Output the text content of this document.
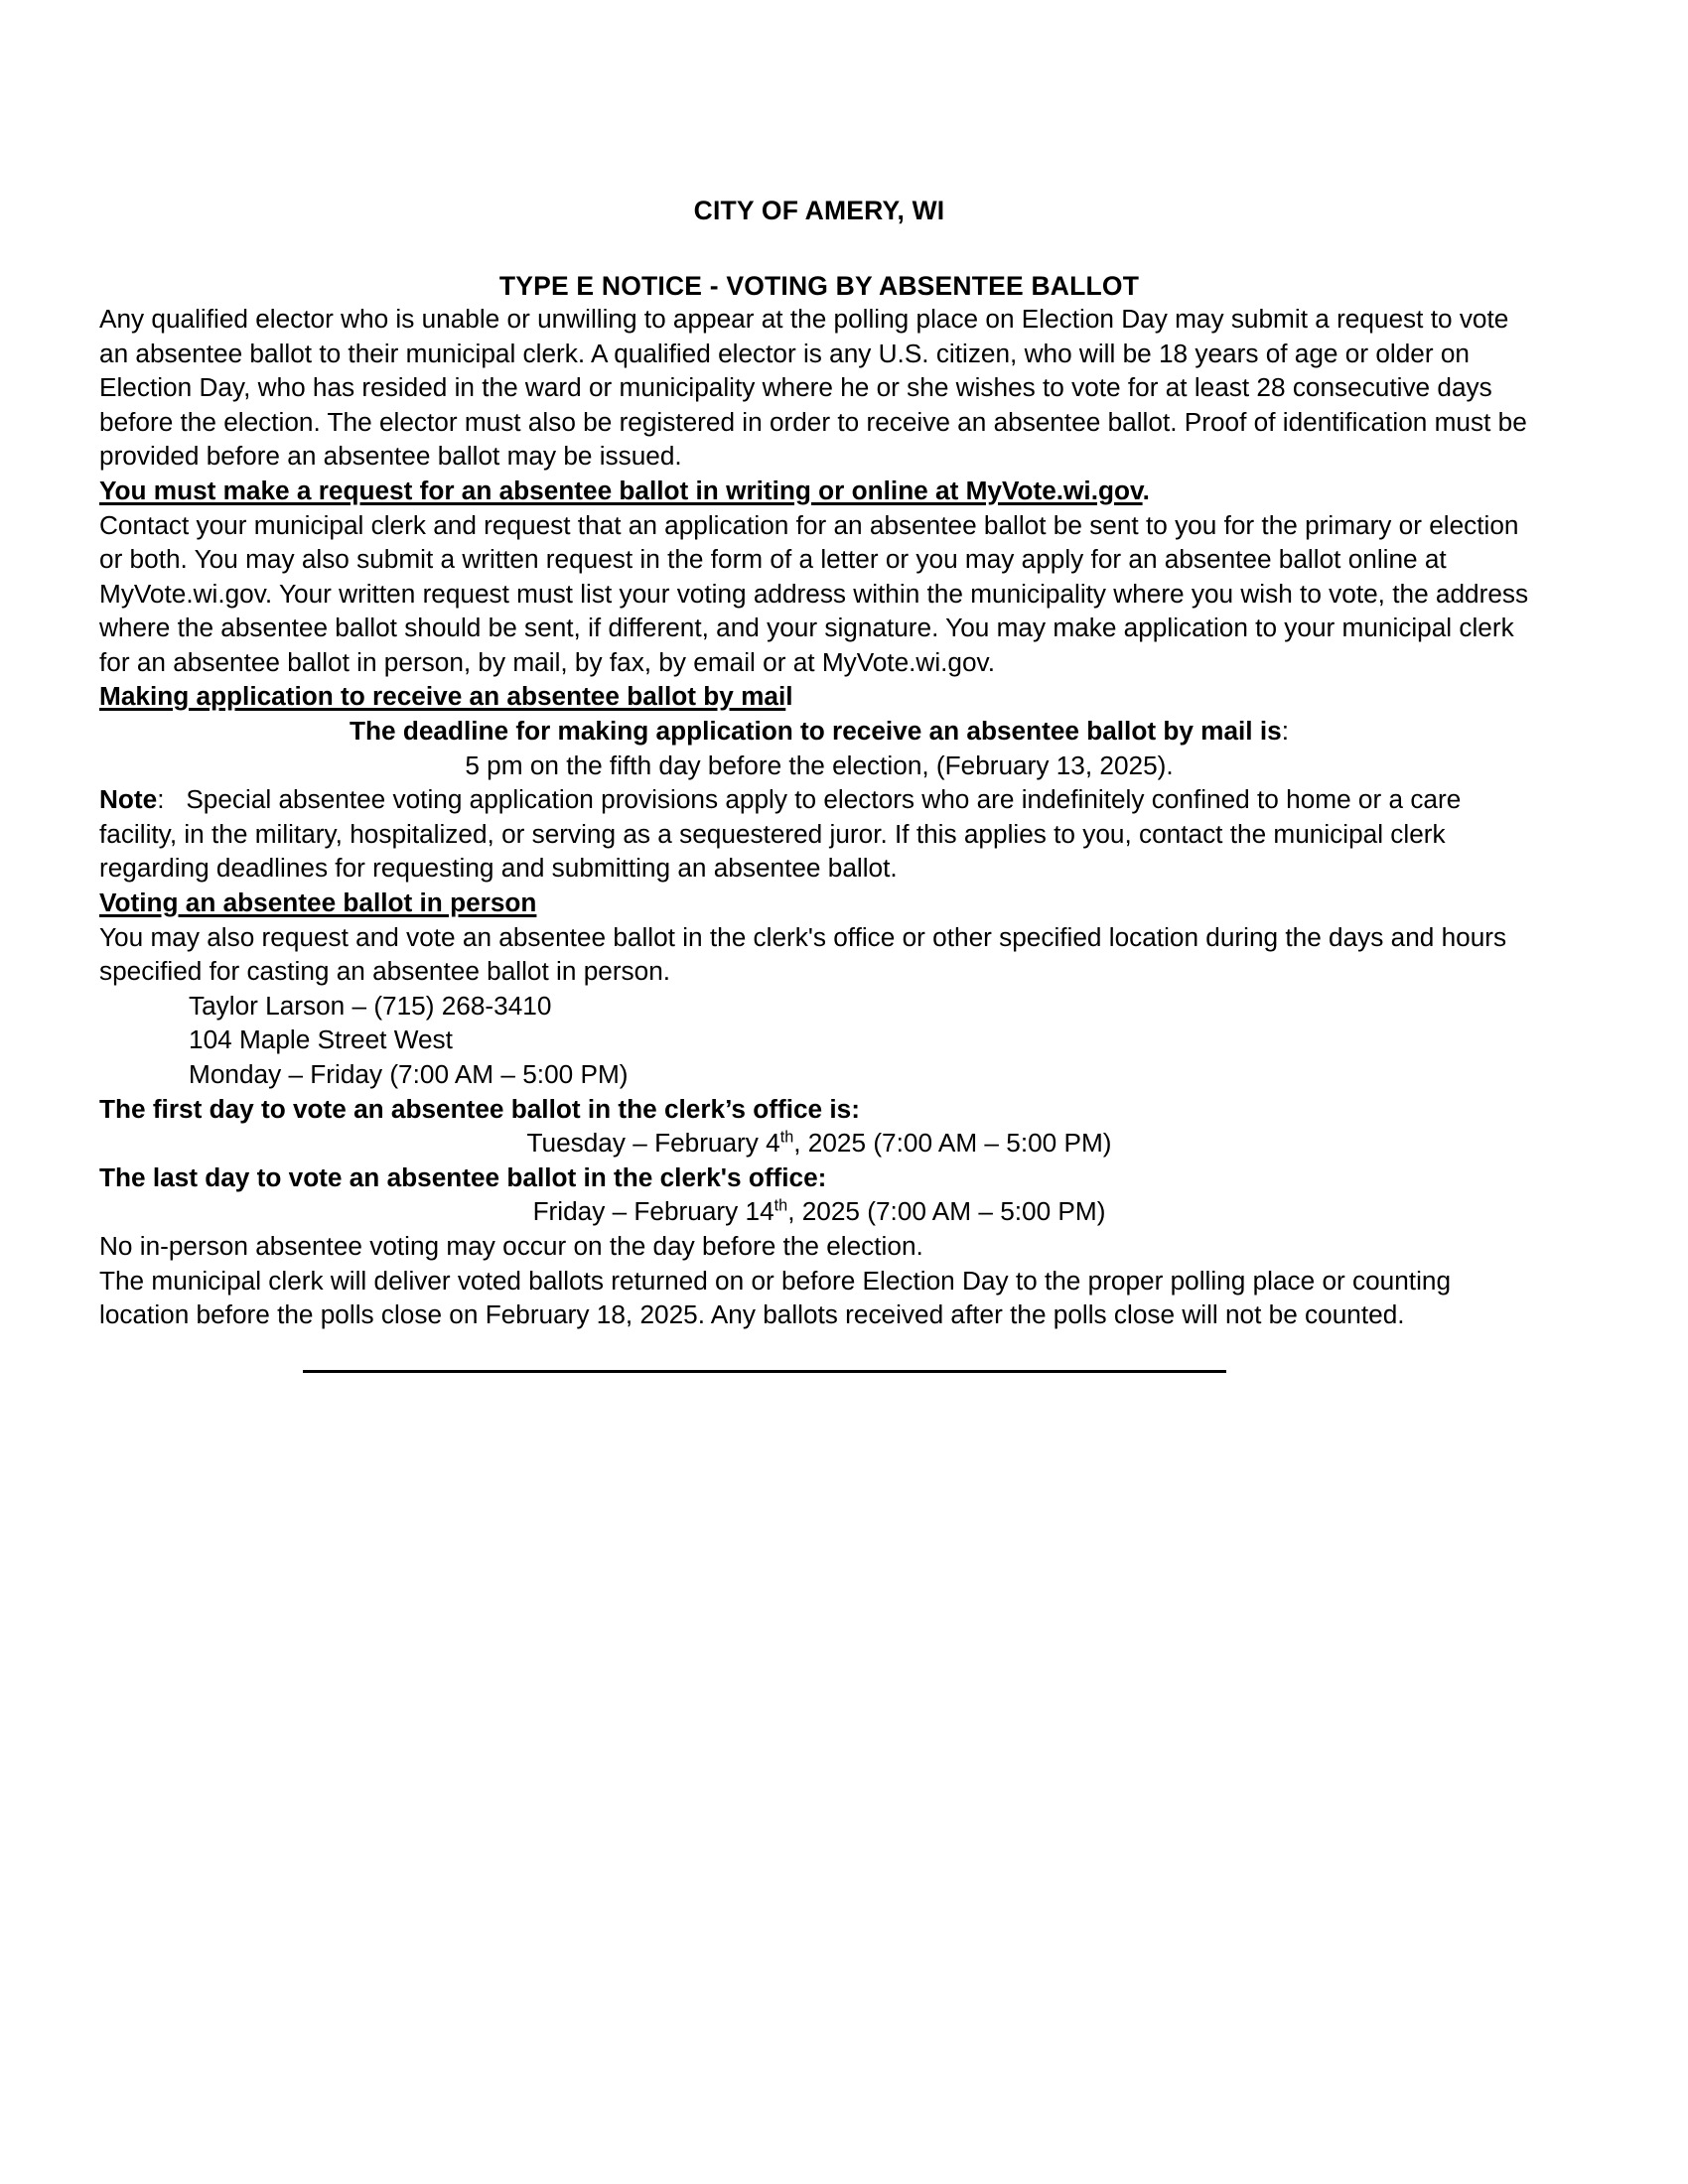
CITY OF AMERY, WI
TYPE E NOTICE - VOTING BY ABSENTEE BALLOT

Any qualified elector who is unable or unwilling to appear at the polling place on Election Day may submit a request to vote an absentee ballot to their municipal clerk. A qualified elector is any U.S. citizen, who will be 18 years of age or older on Election Day, who has resided in the ward or municipality where he or she wishes to vote for at least 28 consecutive days before the election. The elector must also be registered in order to receive an absentee ballot. Proof of identification must be provided before an absentee ballot may be issued.

You must make a request for an absentee ballot in writing or online at MyVote.wi.gov.

Contact your municipal clerk and request that an application for an absentee ballot be sent to you for the primary or election or both. You may also submit a written request in the form of a letter or you may apply for an absentee ballot online at MyVote.wi.gov. Your written request must list your voting address within the municipality where you wish to vote, the address where the absentee ballot should be sent, if different, and your signature. You may make application to your municipal clerk for an absentee ballot in person, by mail, by fax, by email or at MyVote.wi.gov.

Making application to receive an absentee ballot by mail

The deadline for making application to receive an absentee ballot by mail is:

5 pm on the fifth day before the election, (February 13, 2025).

Note: Special absentee voting application provisions apply to electors who are indefinitely confined to home or a care facility, in the military, hospitalized, or serving as a sequestered juror. If this applies to you, contact the municipal clerk regarding deadlines for requesting and submitting an absentee ballot.

Voting an absentee ballot in person

You may also request and vote an absentee ballot in the clerk's office or other specified location during the days and hours specified for casting an absentee ballot in person.

Taylor Larson – (715) 268-3410

104 Maple Street West

Monday – Friday (7:00 AM – 5:00 PM)

The first day to vote an absentee ballot in the clerk’s office is:

Tuesday – February 4th, 2025 (7:00 AM – 5:00 PM)

The last day to vote an absentee ballot in the clerk's office:

Friday – February 14th, 2025 (7:00 AM – 5:00 PM)

No in-person absentee voting may occur on the day before the election.

The municipal clerk will deliver voted ballots returned on or before Election Day to the proper polling place or counting location before the polls close on February 18, 2025. Any ballots received after the polls close will not be counted.
